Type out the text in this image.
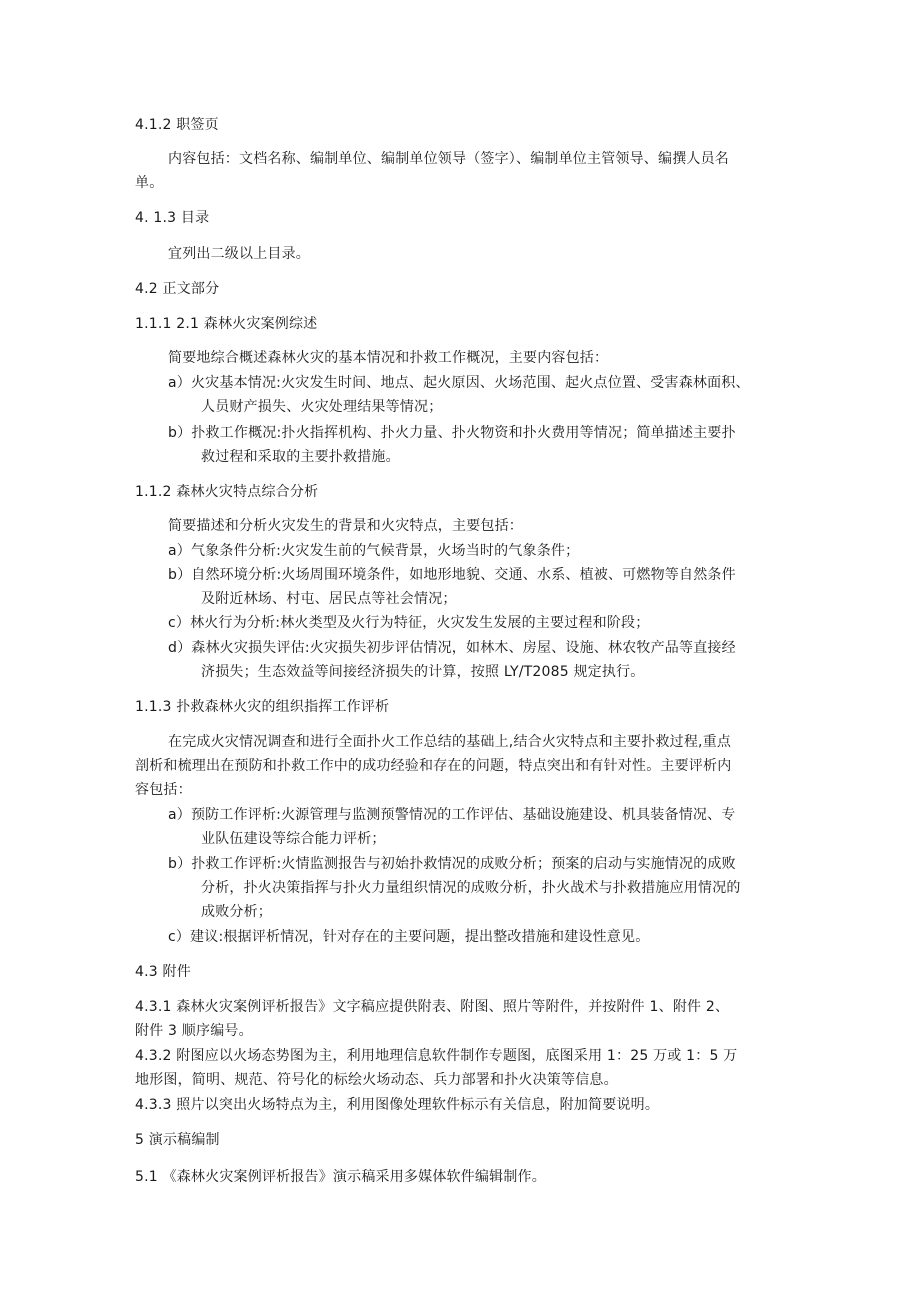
4.1.2 职签页
内容包括：文档名称、编制单位、编制单位领导（签字）、编制单位主管领导、编撰人员名
单。
4. 1.3 目录
宜列出二级以上目录。
4.2 正文部分
1.1.1 2.1 森林火灾案例综述
简要地综合概述森林火灾的基本情况和扑救工作概况，主要内容包括：
a）火灾基本情况:火灾发生时间、地点、起火原因、火场范围、起火点位置、受害森林面积、
人员财产损失、火灾处理结果等情况；
b）扑救工作概况:扑火指挥机构、扑火力量、扑火物资和扑火费用等情况；简单描述主要扑
救过程和采取的主要扑救措施。
1.1.2 森林火灾特点综合分析
简要描述和分析火灾发生的背景和火灾特点，主要包括：
a）气象条件分析:火灾发生前的气候背景，火场当时的气象条件；
b）自然环境分析:火场周围环境条件，如地形地貌、交通、水系、植被、可燃物等自然条件
及附近林场、村屯、居民点等社会情况；
c）林火行为分析:林火类型及火行为特征，火灾发生发展的主要过程和阶段；
d）森林火灾损失评估:火灾损失初步评估情况，如林木、房屋、设施、林农牧产品等直接经
济损失；生态效益等间接经济损失的计算，按照 LY/T2085 规定执行。
1.1.3 扑救森林火灾的组织指挥工作评析
在完成火灾情况调查和进行全面扑火工作总结的基础上,结合火灾特点和主要扑救过程,重点
剖析和梳理出在预防和扑救工作中的成功经验和存在的问题，特点突出和有针对性。主要评析内
容包括：
a）预防工作评析:火源管理与监测预警情况的工作评估、基础设施建设、机具装备情况、专
业队伍建设等综合能力评析；
b）扑救工作评析:火情监测报告与初始扑救情况的成败分析；预案的启动与实施情况的成败
分析，扑火决策指挥与扑火力量组织情况的成败分析，扑火战术与扑救措施应用情况的
成败分析；
c）建议:根据评析情况，针对存在的主要问题，提出整改措施和建设性意见。
4.3 附件
4.3.1 森林火灾案例评析报告》文字稿应提供附表、附图、照片等附件，并按附件 1、附件 2、
附件 3 顺序编号。
4.3.2 附图应以火场态势图为主，利用地理信息软件制作专题图，底图采用 1：25 万或 1：5 万
地形图，简明、规范、符号化的标绘火场动态、兵力部署和扑火决策等信息。
4.3.3 照片以突出火场特点为主，利用图像处理软件标示有关信息，附加简要说明。
5 演示稿编制
5.1 《森林火灾案例评析报告》演示稿采用多媒体软件编辑制作。
